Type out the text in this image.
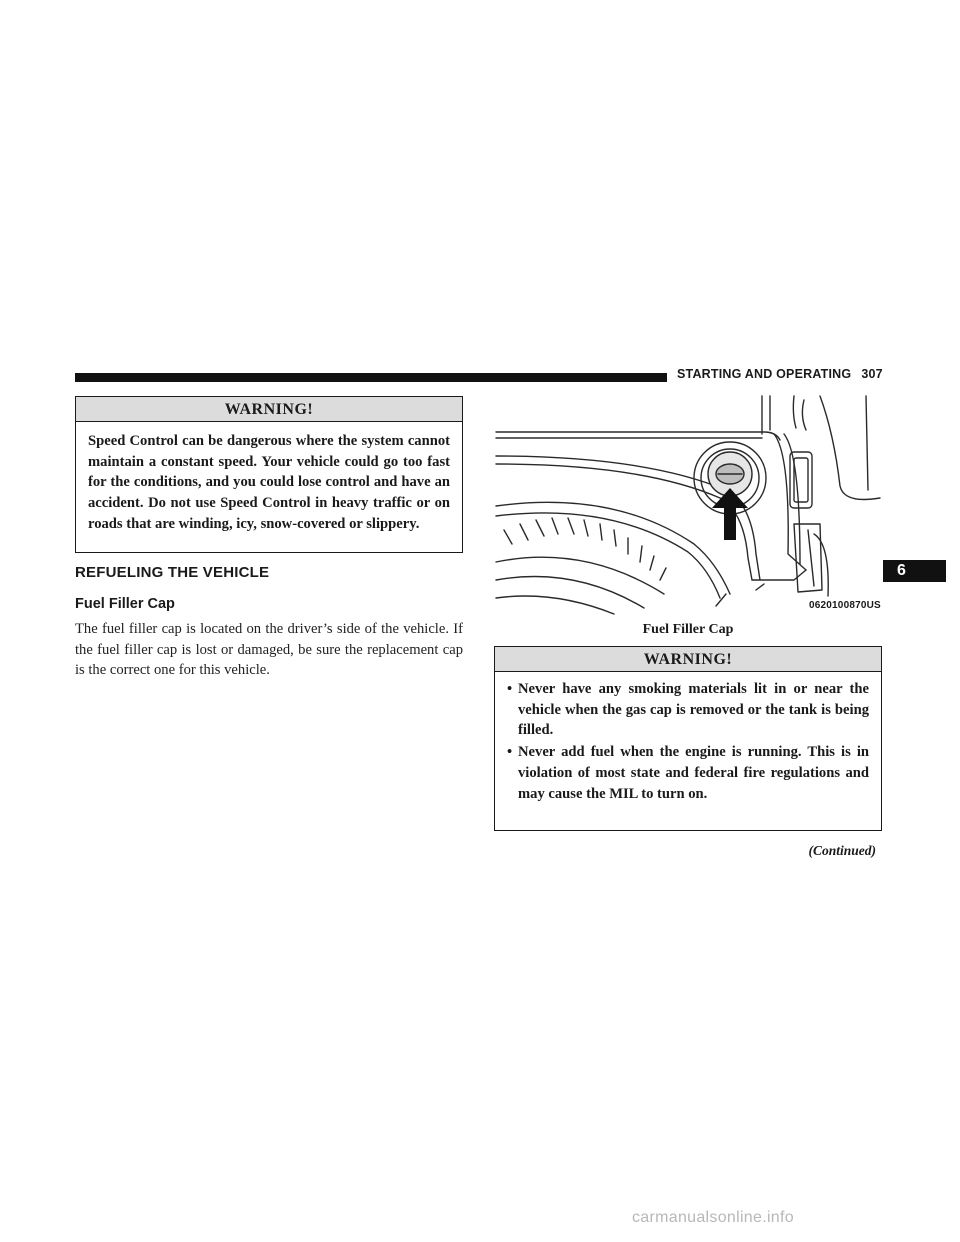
STARTING AND OPERATING 307
6
WARNING!
Speed Control can be dangerous where the system cannot maintain a constant speed. Your vehicle could go too fast for the conditions, and you could lose control and have an accident. Do not use Speed Control in heavy traffic or on roads that are winding, icy, snow-covered or slippery.
REFUELING THE VEHICLE
Fuel Filler Cap
The fuel filler cap is located on the driver’s side of the vehicle. If the fuel filler cap is lost or damaged, be sure the replacement cap is the correct one for this vehicle.
0620100870US
Fuel Filler Cap
WARNING!
• Never have any smoking materials lit in or near the vehicle when the gas cap is removed or the tank is being filled.
• Never add fuel when the engine is running. This is in violation of most state and federal fire regulations and may cause the MIL to turn on.
(Continued)
carmanualsonline.info
